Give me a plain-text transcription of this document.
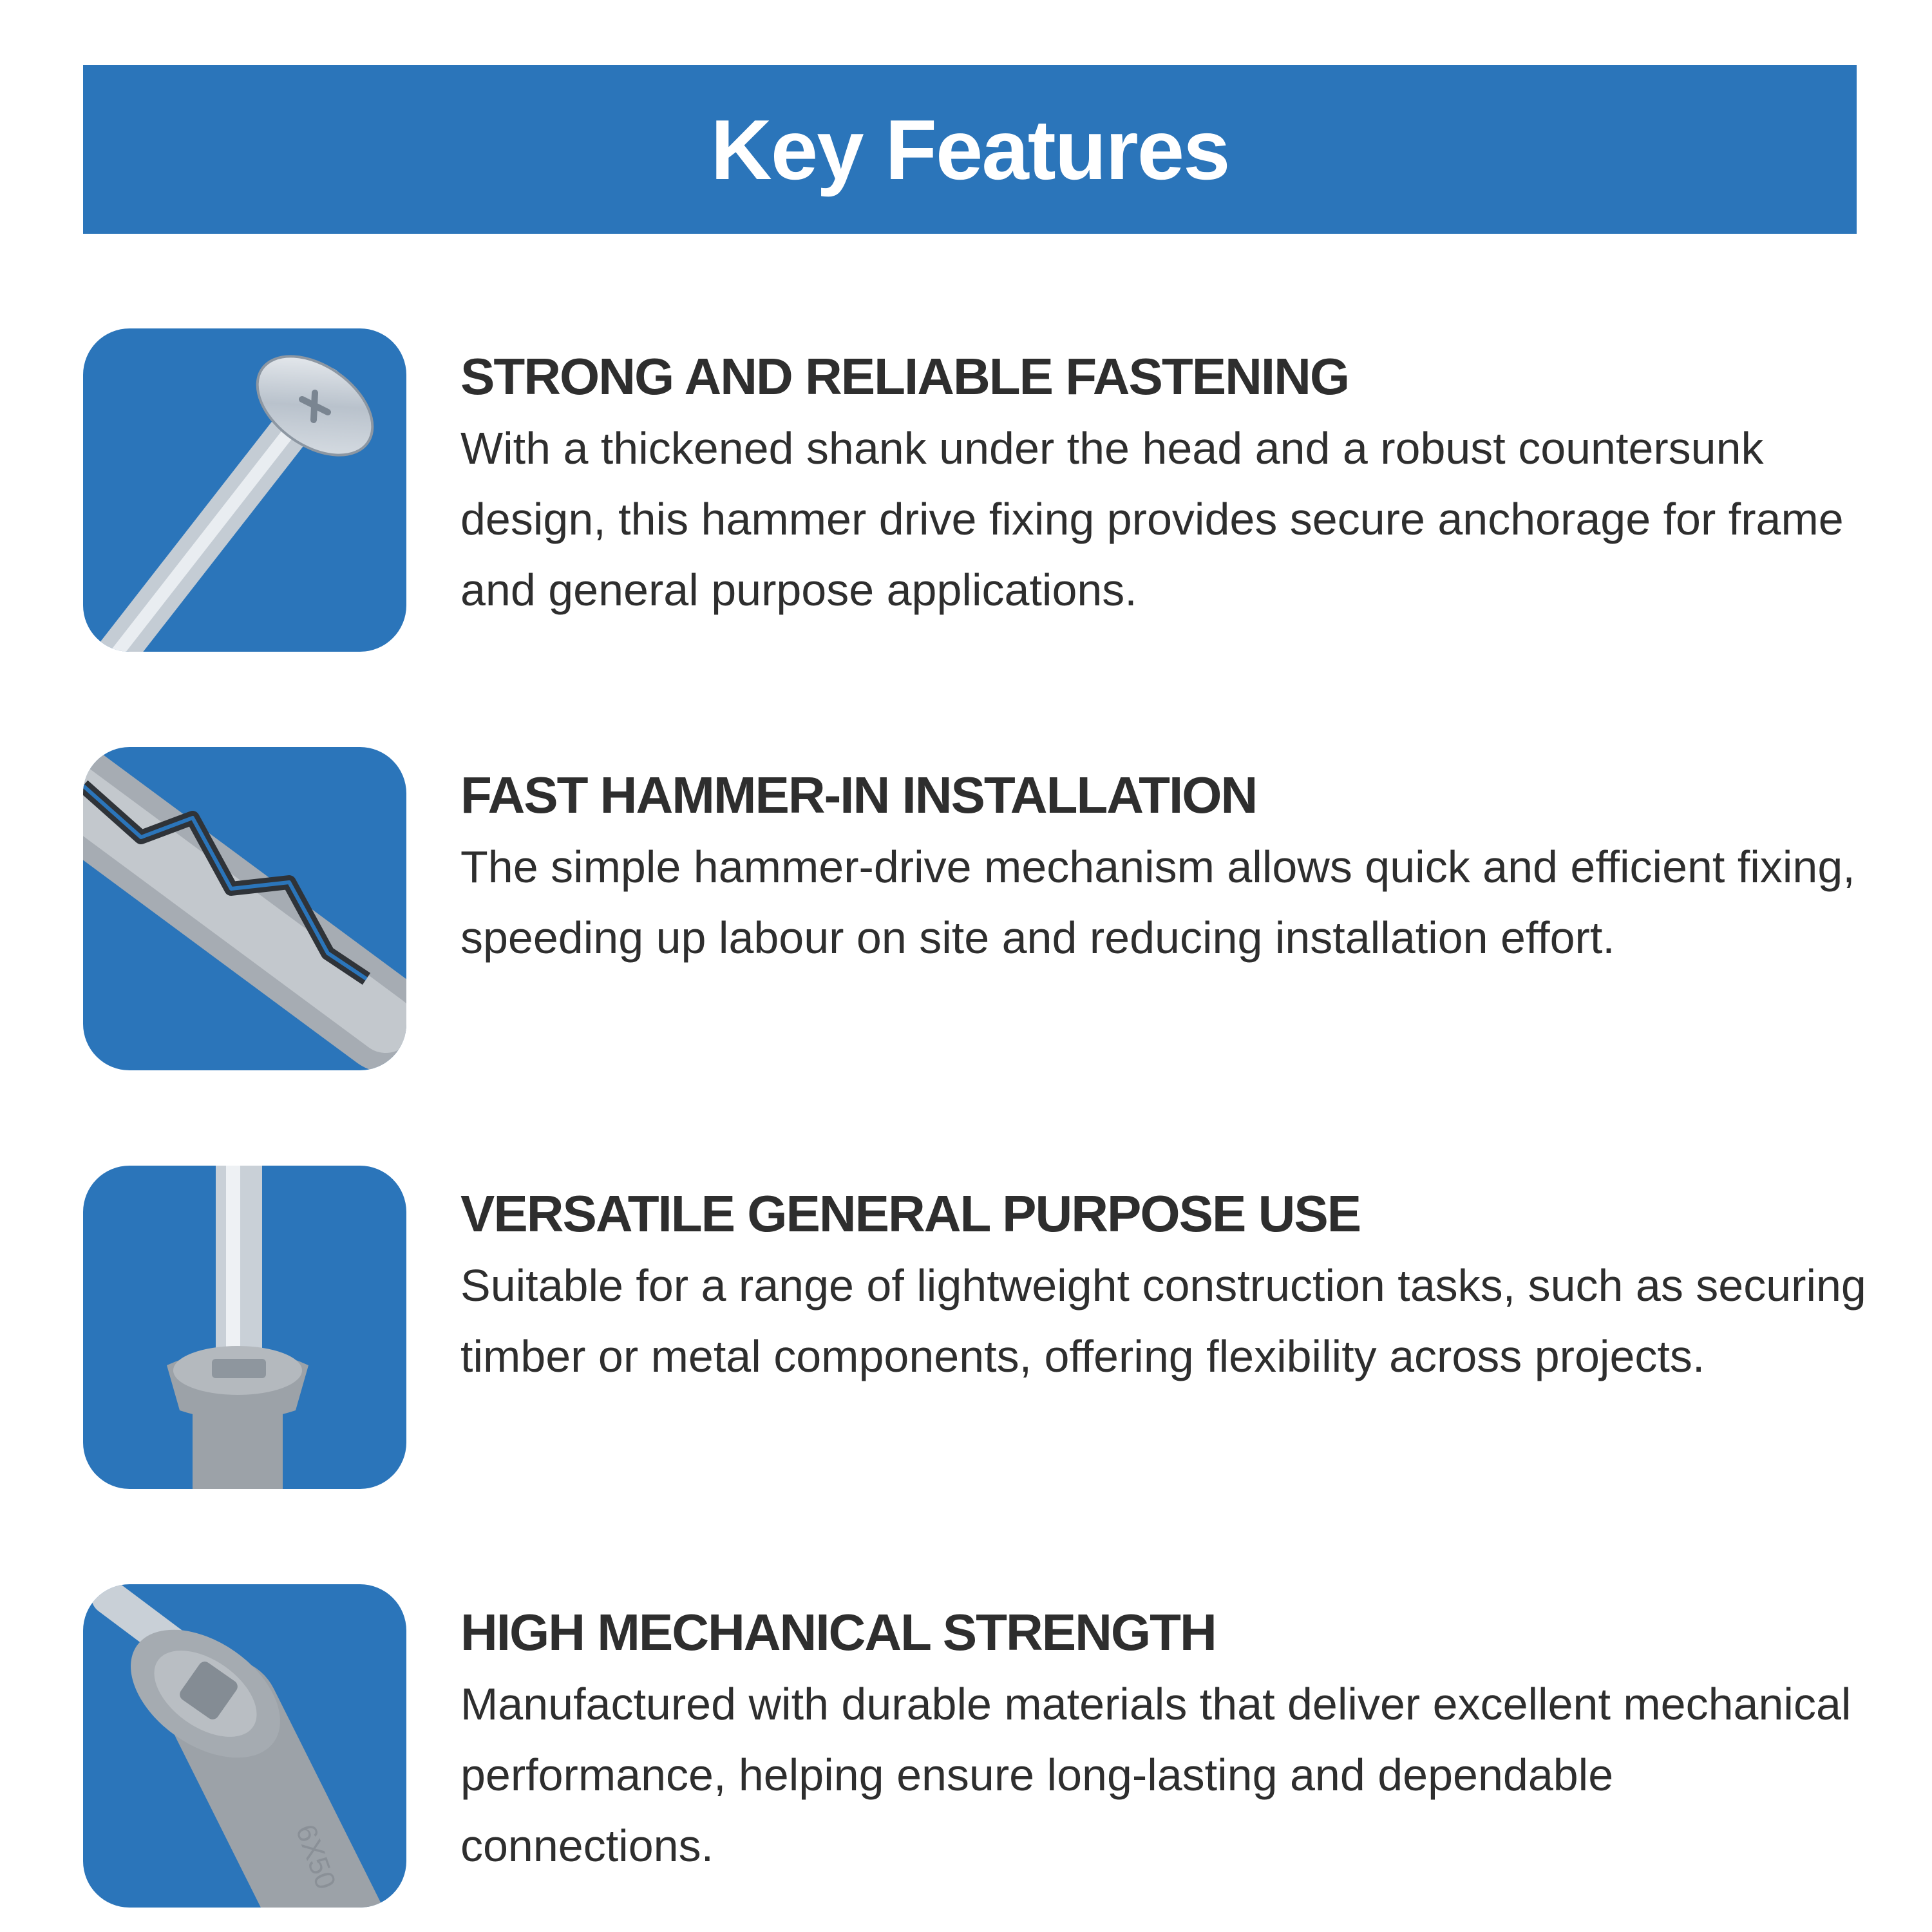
Key Features
STRONG AND RELIABLE FASTENING

With a thickened shank under the head and a robust countersunk design, this hammer drive fixing provides secure anchorage for frame and general purpose applications.

FAST HAMMER-IN INSTALLATION

The simple hammer-drive mechanism allows quick and efficient fixing, speeding up labour on site and reducing installation effort.

VERSATILE GENERAL PURPOSE USE

Suitable for a range of lightweight construction tasks, such as securing timber or metal components, offering flexibility across projects.

6X50
HIGH MECHANICAL STRENGTH

Manufactured with durable materials that deliver excellent mechanical performance, helping ensure long-lasting and dependable connections.
